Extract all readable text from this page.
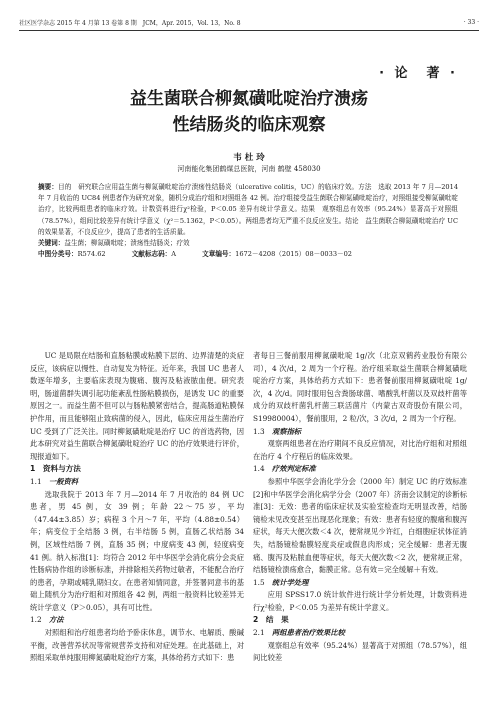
社区医学杂志 2015 年 4 月第 13 卷第 8 期　JCM，Apr. 2015，Vol. 13，No. 8	· 33 ·
· 论　著 ·
益生菌联合柳氮磺吡啶治疗溃疡
性结肠炎的临床观察
韦 杜 玲
河南能化集团鹤煤总医院，河南 鹤壁 458030
摘要：目的　研究联合应用益生菌与柳氮磺吡啶治疗溃疡性结肠炎（ulcerative colitis，UC）的临床疗效。方法　选取 2013 年 7 月—2014 年 7 月收治的 UC84 例患者作为研究对象，随机分成治疗组和对照组各 42 例。治疗组接受益生菌联合柳氮磺吡啶治疗，对照组接受柳氮磺吡啶治疗，比较两组患者的临床疗效。计数资料进行χ²检验，P＜0.05 差异有统计学意义。结果　观察组总有效率（95.24%）显著高于对照组（78.57%），组间比较差异有统计学意义（χ²＝5.1362，P＜0.05）。两组患者均无严重不良反应发生。结论　益生菌联合柳氮磺吡啶治疗 UC 的效果显著，不良反应少，提高了患者的生活质量。
关键词：益生菌；柳氮磺吡啶；溃疡性结肠炎；疗效
中图分类号：R574.62	文献标志码：A	文章编号：1672－4208（2015）08－0033－02

UC 是局限在结肠和直肠粘膜或粘膜下层的、边界清楚的炎症反应，该病症以慢性、自动复发为特征。近年来，我国 UC 患者人数逐年增多，主要临床表现为腹痛、腹泻及粘液脓血便。研究表明，肠道菌群失调引起功能紊乱性肠粘膜损伤，是诱发 UC 的重要原因之一。而益生菌不但可以与肠粘膜紧密结合，提高肠道粘膜保护作用，而且能够阻止致病菌的侵入，因此，临床应用益生菌治疗 UC 受到了广泛关注。同时柳氮磺吡啶是治疗 UC 的首选药物，因此本研究对益生菌联合柳氮磺吡啶治疗 UC 的治疗效果进行评价，现报道如下。

1　资料与方法
1.1　 一般资料

选取我院于 2013 年 7 月—2014 年 7 月收治的 84 例 UC 患者，男 45 例，女 39 例；年龄 22～75 岁，平均（47.44±3.85）岁；病程 3 个月～7 年，平均（4.88±0.54）年；病变位于全结肠 3 例，右半结肠 5 例，直肠乙状结肠 34 例，区域性结肠 7 例，直肠 35 例；中度病变 43 例，轻度病变 41 例。纳入标准[1]：均符合 2012 年中华医学会消化病分会炎症性肠病协作组的诊断标准，并排除相关药物过敏者，不能配合治疗的患者，孕期或哺乳期妇女。在患者知情同意，并签署同意书的基础上随机分为治疗组和对照组各 42 例，两组一般资料比较差异无统计学意义（P＞0.05），具有可比性。

1.2　 方法

对照组和治疗组患者均给予卧床休息，调节水、电解质、酸碱平衡，改善营养状况等常规营养支持和对症处理。在此基础上，对照组采取单纯服用柳氮磺吡啶治疗方案，具体给药方式如下：患

者每日三餐前服用柳氮磺吡啶 1g/次（北京双鹤药业股份有限公司），4 次/d，2 周为一个疗程。治疗组采取益生菌联合柳氮磺吡啶治疗方案，具体给药方式如下：患者餐前服用柳氮磺吡啶 1g/次，4 次/d。同时服用包含粪肠球菌、嗜酸乳杆菌以及双歧杆菌等成分的双歧杆菌乳杆菌三联活菌片（内蒙古双奇股份有限公司，S19980004），餐前服用，2 粒/次，3 次/d，2 周为一个疗程。

1.3　 观察指标

观察两组患者在治疗期间不良反应情况，对比治疗组和对照组在治疗 4 个疗程后的临床效果。

1.4　 疗效判定标准

参照中华医学会消化学分会（2000 年）制定 UC 的疗效标准[2]和中华医学会消化病学分会（2007 年）济南会议制定的诊断标准[3]：无效：患者的临床症状及实验室检查均无明显改善，结肠镜检未见改变甚至出现恶化现象；有效：患者有轻度的腹痛和腹泻症状，每天大便次数＜4 次，便常规见少许红，白细胞症状体征消失，结肠镜检黏膜轻度炎症或假息肉形成；完全缓解：患者无腹痛、腹泻及粘脓血便等症状，每天大便次数＜2 次，便常规正常，结肠镜检溃疡愈合，黏膜正常。总有效＝完全缓解＋有效。

1.5　 统计学处理

应用 SPSS17.0 统计软件进行统计学分析处理，计数资料进行χ²检验，P＜0.05 为差异有统计学意义。

2　结　果
2.1　 两组患者治疗效果比较

观察组总有效率（95.24%）显著高于对照组（78.57%），组间比较差
